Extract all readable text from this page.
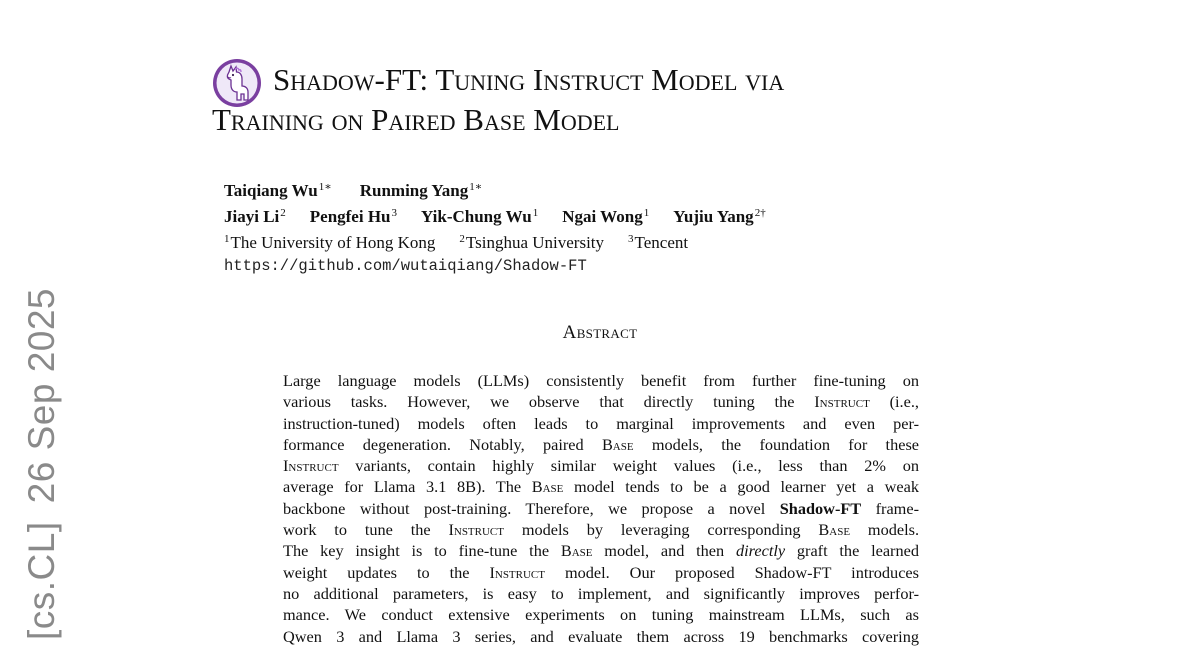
[cs.CL]
26 Sep 2025
Shadow-FT: Tuning Instruct Model via
Training on Paired Base Model
Taiqiang $Wu^{1∗}$ Runming Yang$^{1∗}$
Jiayi Li$^2$ Pengfei Hu$^3$ Yik-Chung Wu$^1$ Ngai Wong$^1$ Yujiu Yang$^{2\dagger}$
$^1$The University of Hong Kong $^2$Tsinghua University $^3$Tencent
https://github.com/wutaiqiang/Shadow-FT
Abstract
Large language models (LLMs) consistently benefit from further fine-tuning on
various tasks. However, we observe that directly tuning the Instruct (i.e.,
instruction-tuned) models often leads to marginal improvements and even per-
formance degeneration. Notably, paired Base models, the foundation for these
Instruct variants, contain highly similar weight values (i.e., less than 2% on
average for Llama 3.1 8B). The Base model tends to be a good learner yet a weak
backbone without post-training. Therefore, we propose a novel Shadow-FT frame-
work to tune the Instruct models by leveraging corresponding Base models.
The key insight is to fine-tune the Base model, and then directly graft the learned
weight updates to the Instruct model. Our proposed Shadow-FT introduces
no additional parameters, is easy to implement, and significantly improves perfor-
mance. We conduct extensive experiments on tuning mainstream LLMs, such as
Qwen 3 and Llama 3 series, and evaluate them across 19 benchmarks covering
